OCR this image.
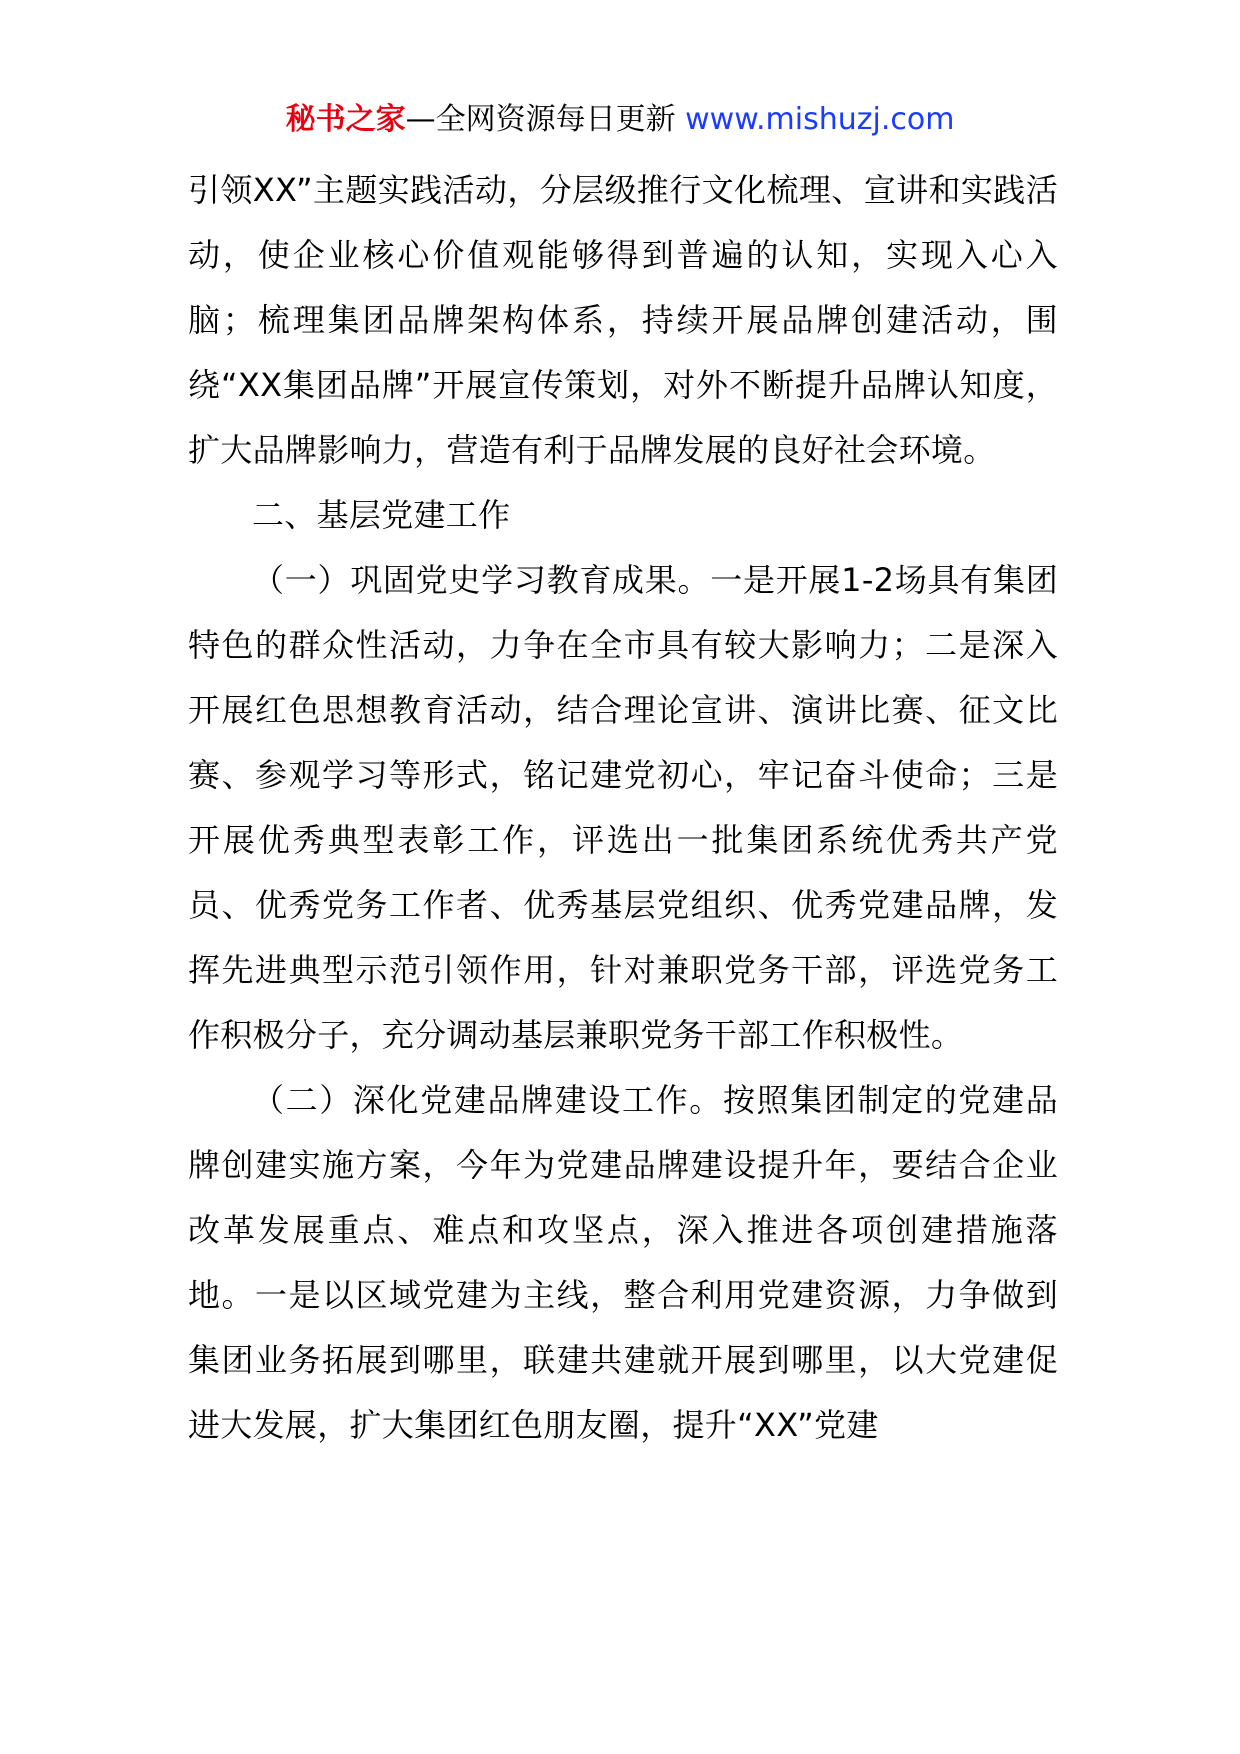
秘书之家—全网资源每日更新 www.mishuzj.com

引领XX”主题实践活动，分层级推行文化梳理、宣讲和实践活动，使企业核心价值观能够得到普遍的认知，实现入心入脑；梳理集团品牌架构体系，持续开展品牌创建活动，围绕“XX集团品牌”开展宣传策划，对外不断提升品牌认知度，扩大品牌影响力，营造有利于品牌发展的良好社会环境。

二、基层党建工作

（一）巩固党史学习教育成果。一是开展1-2场具有集团特色的群众性活动，力争在全市具有较大影响力；二是深入开展红色思想教育活动，结合理论宣讲、演讲比赛、征文比赛、参观学习等形式，铭记建党初心，牢记奋斗使命；三是开展优秀典型表彰工作，评选出一批集团系统优秀共产党员、优秀党务工作者、优秀基层党组织、优秀党建品牌，发挥先进典型示范引领作用，针对兼职党务干部，评选党务工作积极分子，充分调动基层兼职党务干部工作积极性。

（二）深化党建品牌建设工作。按照集团制定的党建品牌创建实施方案，今年为党建品牌建设提升年，要结合企业改革发展重点、难点和攻坚点，深入推进各项创建措施落地。一是以区域党建为主线，整合利用党建资源，力争做到集团业务拓展到哪里，联建共建就开展到哪里，以大党建促进大发展，扩大集团红色朋友圈，提升“XX”党建
